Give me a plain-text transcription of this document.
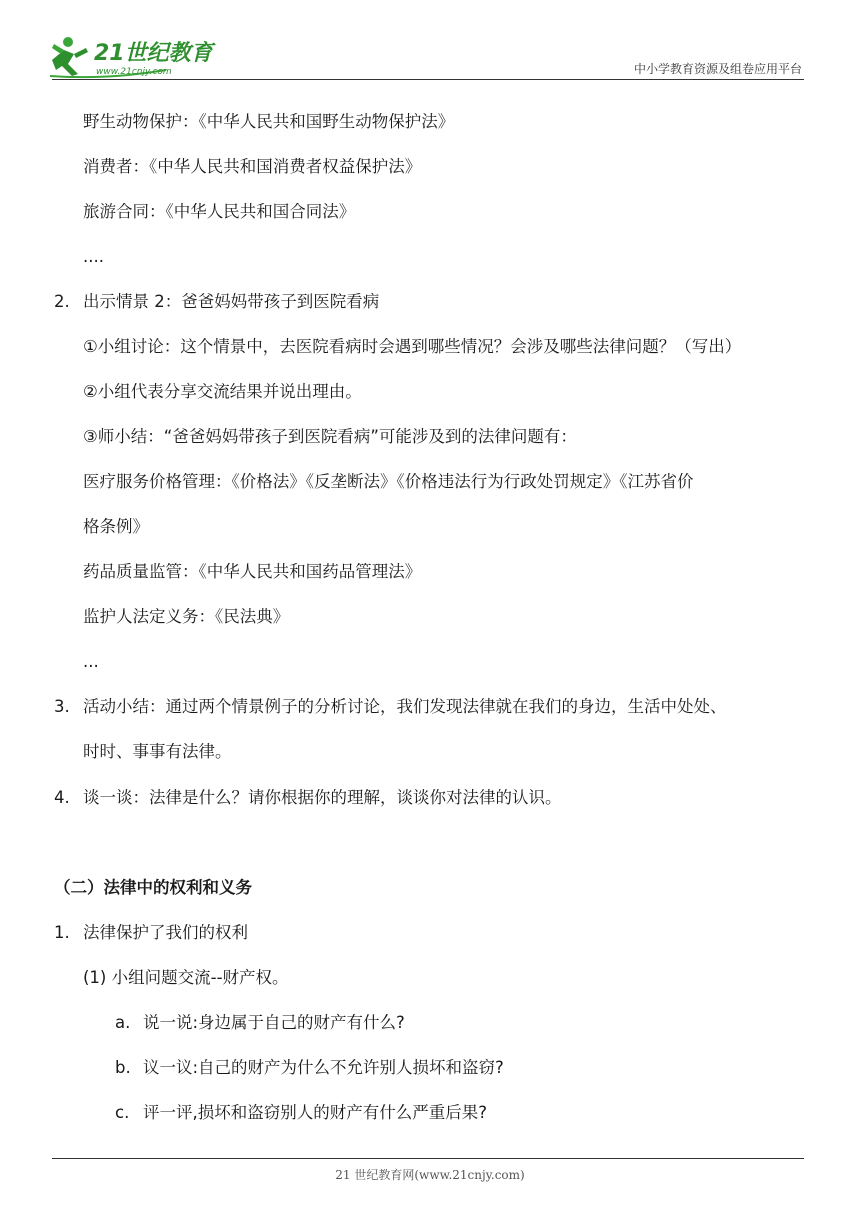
21世纪教育
www.21cnjy.com	中小学教育资源及组卷应用平台
野生动物保护：《中华人民共和国野生动物保护法》
消费者：《中华人民共和国消费者权益保护法》
旅游合同：《中华人民共和国合同法》
....
2. 出示情景 2：爸爸妈妈带孩子到医院看病
①小组讨论：这个情景中，去医院看病时会遇到哪些情况？会涉及哪些法律问题？（写出）
②小组代表分享交流结果并说出理由。
③师小结：“爸爸妈妈带孩子到医院看病”可能涉及到的法律问题有：
医疗服务价格管理：《价格法》《反垄断法》《价格违法行为行政处罚规定》《江苏省价
格条例》
药品质量监管：《中华人民共和国药品管理法》
监护人法定义务：《民法典》
...
3. 活动小结：通过两个情景例子的分析讨论，我们发现法律就在我们的身边，生活中处处、
时时、事事有法律。
4. 谈一谈：法律是什么？请你根据你的理解，谈谈你对法律的认识。
（二）法律中的权利和义务
1. 法律保护了我们的权利
(1) 小组问题交流--财产权。
a. 说一说:身边属于自己的财产有什么?
b. 议一议:自己的财产为什么不允许别人损坏和盗窃?
c. 评一评,损坏和盗窃别人的财产有什么严重后果?
21 世纪教育网(www.21cnjy.com)
